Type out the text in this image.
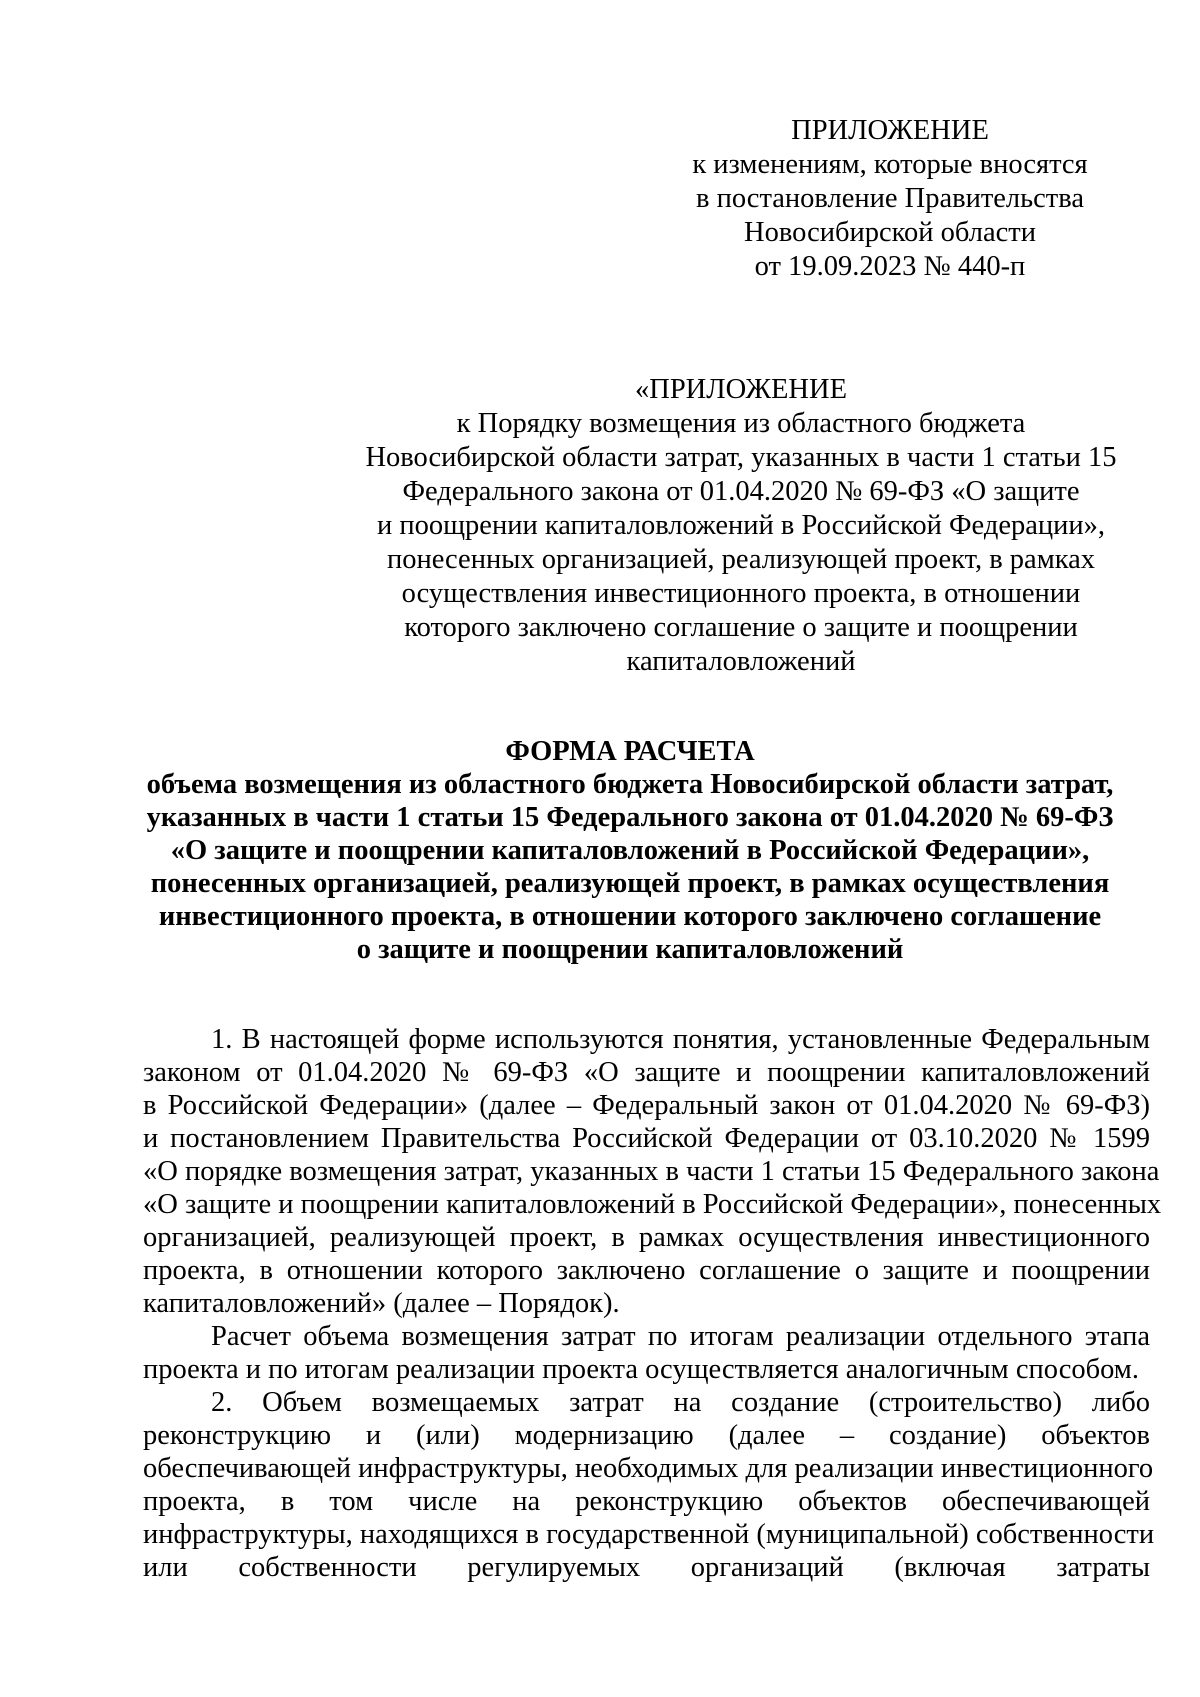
ПРИЛОЖЕНИЕ
к изменениям, которые вносятся
в постановление Правительства
Новосибирской области
от 19.09.2023 № 440-п
«ПРИЛОЖЕНИЕ
к Порядку возмещения из областного бюджета
Новосибирской области затрат, указанных в части 1 статьи 15
Федерального закона от 01.04.2020 № 69-ФЗ «О защите
и поощрении капиталовложений в Российской Федерации»,
понесенных организацией, реализующей проект, в рамках
осуществления инвестиционного проекта, в отношении
которого заключено соглашение о защите и поощрении
капиталовложений
ФОРМА РАСЧЕТА
объема возмещения из областного бюджета Новосибирской области затрат,
указанных в части 1 статьи 15 Федерального закона от 01.04.2020 № 69-ФЗ
«О защите и поощрении капиталовложений в Российской Федерации»,
понесенных организацией, реализующей проект, в рамках осуществления
инвестиционного проекта, в отношении которого заключено соглашение
о защите и поощрении капиталовложений
1. В настоящей форме используются понятия, установленные Федеральным
законом от 01.04.2020 № 69-ФЗ «О защите и поощрении капиталовложений
в Российской Федерации» (далее – Федеральный закон от 01.04.2020 № 69-ФЗ)
и постановлением Правительства Российской Федерации от 03.10.2020 № 1599
«О порядке возмещения затрат, указанных в части 1 статьи 15 Федерального закона
«О защите и поощрении капиталовложений в Российской Федерации», понесенных
организацией, реализующей проект, в рамках осуществления инвестиционного
проекта, в отношении которого заключено соглашение о защите и поощрении
капиталовложений» (далее – Порядок).
Расчет объема возмещения затрат по итогам реализации отдельного этапа
проекта и по итогам реализации проекта осуществляется аналогичным способом.
2. Объем возмещаемых затрат на создание (строительство) либо
реконструкцию и (или) модернизацию (далее – создание) объектов
обеспечивающей инфраструктуры, необходимых для реализации инвестиционного
проекта, в том числе на реконструкцию объектов обеспечивающей
инфраструктуры, находящихся в государственной (муниципальной) собственности
или собственности регулируемых организаций (включая затраты
